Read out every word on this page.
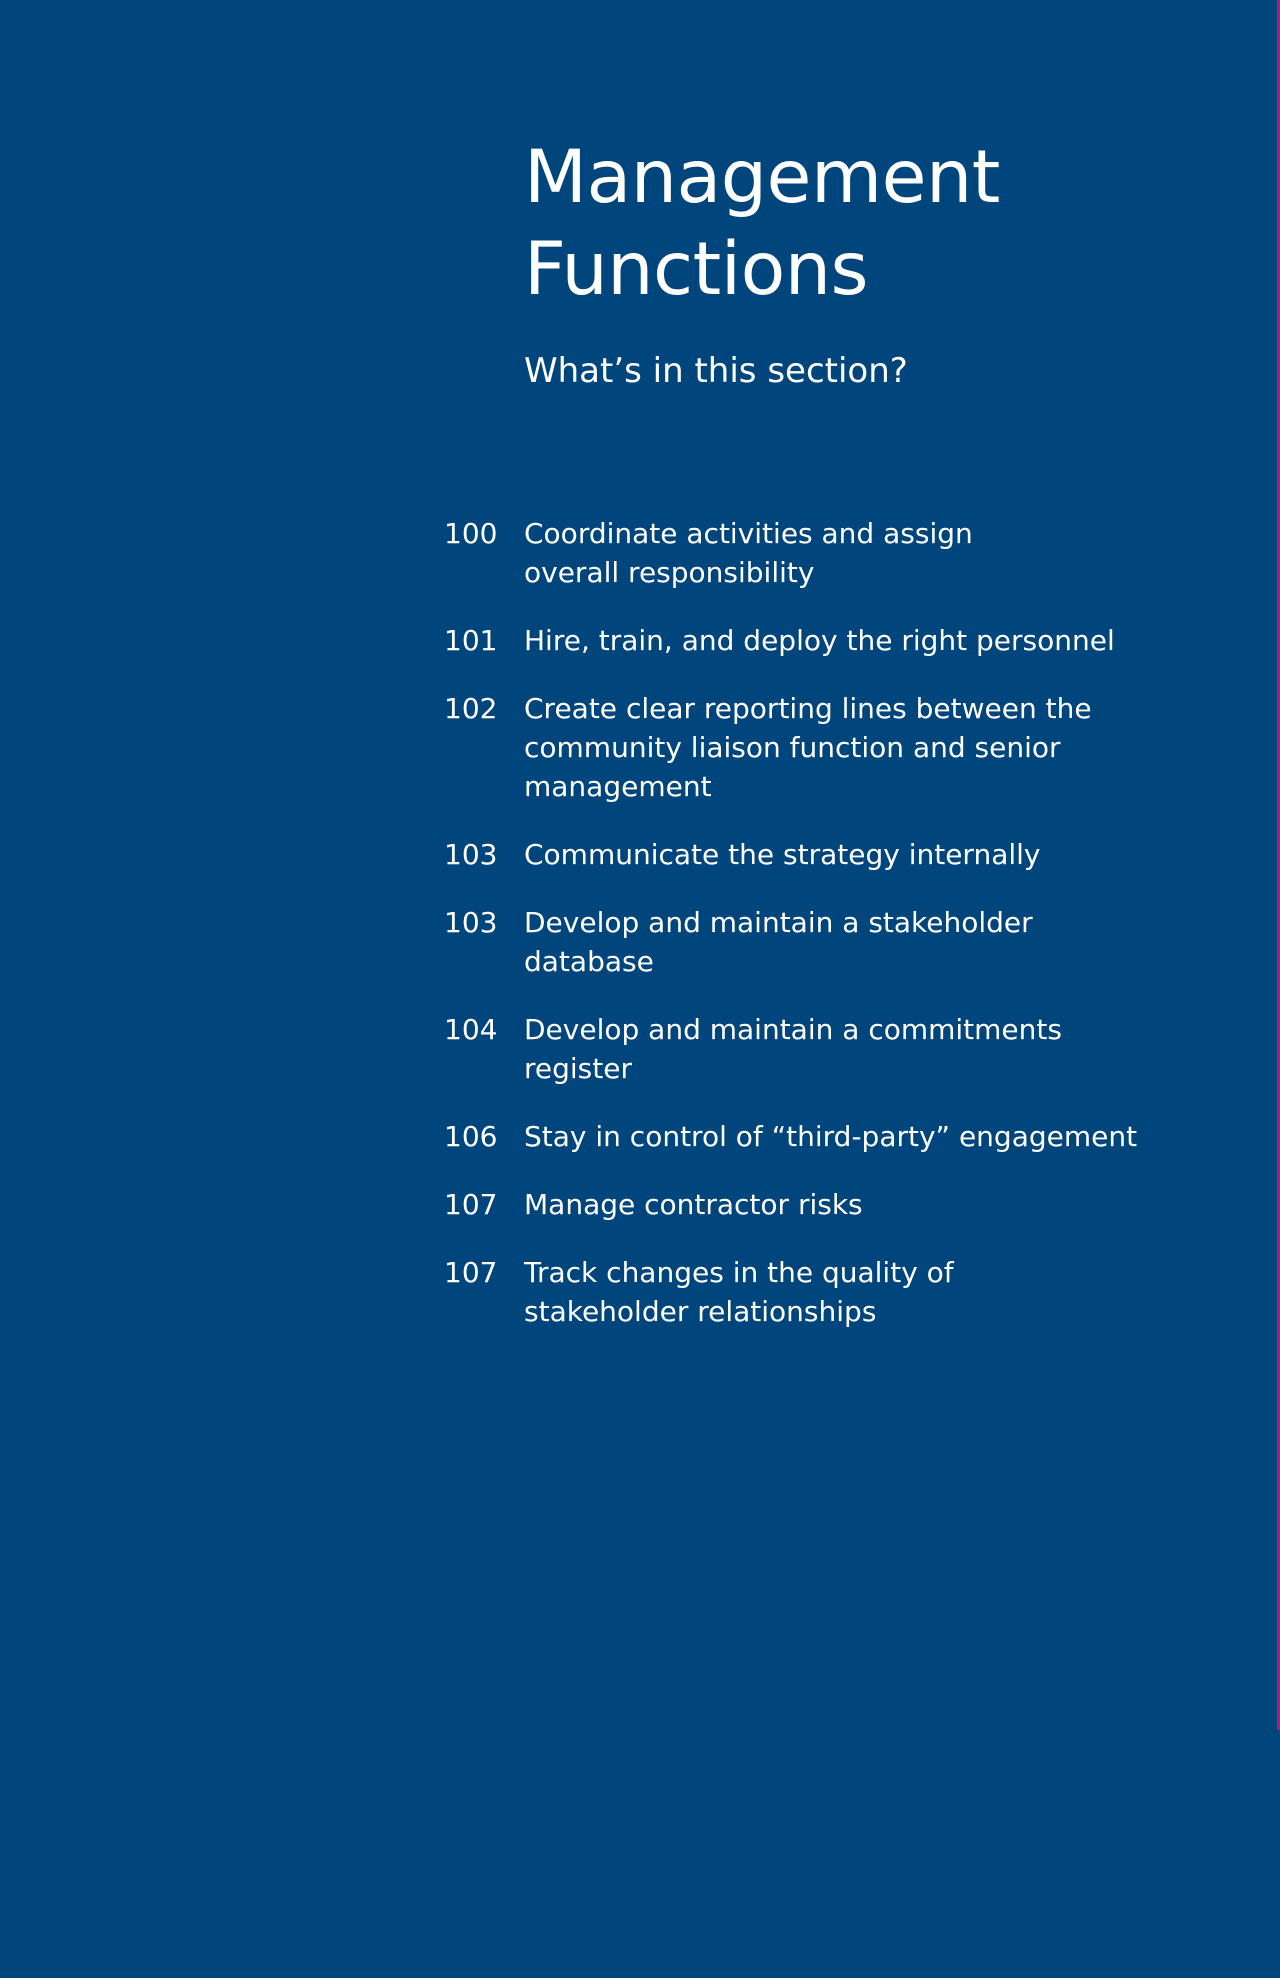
Management
Functions
What’s in this section?
100 Coordinate activities and assign
overall responsibility
101 Hire, train, and deploy the right personnel
102 Create clear reporting lines between the
community liaison function and senior
management
103 Communicate the strategy internally
103 Develop and maintain a stakeholder
database
104 Develop and maintain a commitments
register
106 Stay in control of “third-party” engagement
107 Manage contractor risks
107 Track changes in the quality of
stakeholder relationships
